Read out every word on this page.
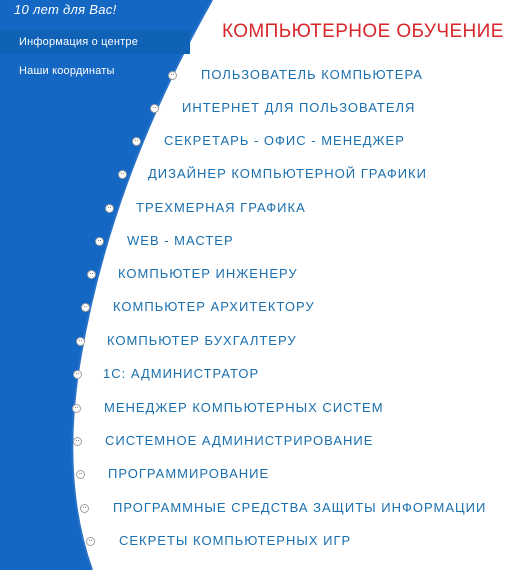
10 лет для Вас!
Информация о центре
Наши координаты
КОМПЬЮТЕРНОЕ ОБУЧЕНИЕ
ПОЛЬЗОВАТЕЛЬ КОМПЬЮТЕРА
ИНТЕРНЕТ ДЛЯ ПОЛЬЗОВАТЕЛЯ
СЕКРЕТАРЬ - ОФИС - МЕНЕДЖЕР
ДИЗАЙНЕР КОМПЬЮТЕРНОЙ ГРАФИКИ
ТРЕХМЕРНАЯ ГРАФИКА
WEB - МАСТЕР
КОМПЬЮТЕР ИНЖЕНЕРУ
КОМПЬЮТЕР АРХИТЕКТОРУ
КОМПЬЮТЕР БУХГАЛТЕРУ
1С: АДМИНИСТРАТОР
МЕНЕДЖЕР КОМПЬЮТЕРНЫХ СИСТЕМ
СИСТЕМНОЕ АДМИНИСТРИРОВАНИЕ
ПРОГРАММИРОВАНИЕ
ПРОГРАММНЫЕ СРЕДСТВА ЗАЩИТЫ ИНФОРМАЦИИ
СЕКРЕТЫ КОМПЬЮТЕРНЫХ ИГР
